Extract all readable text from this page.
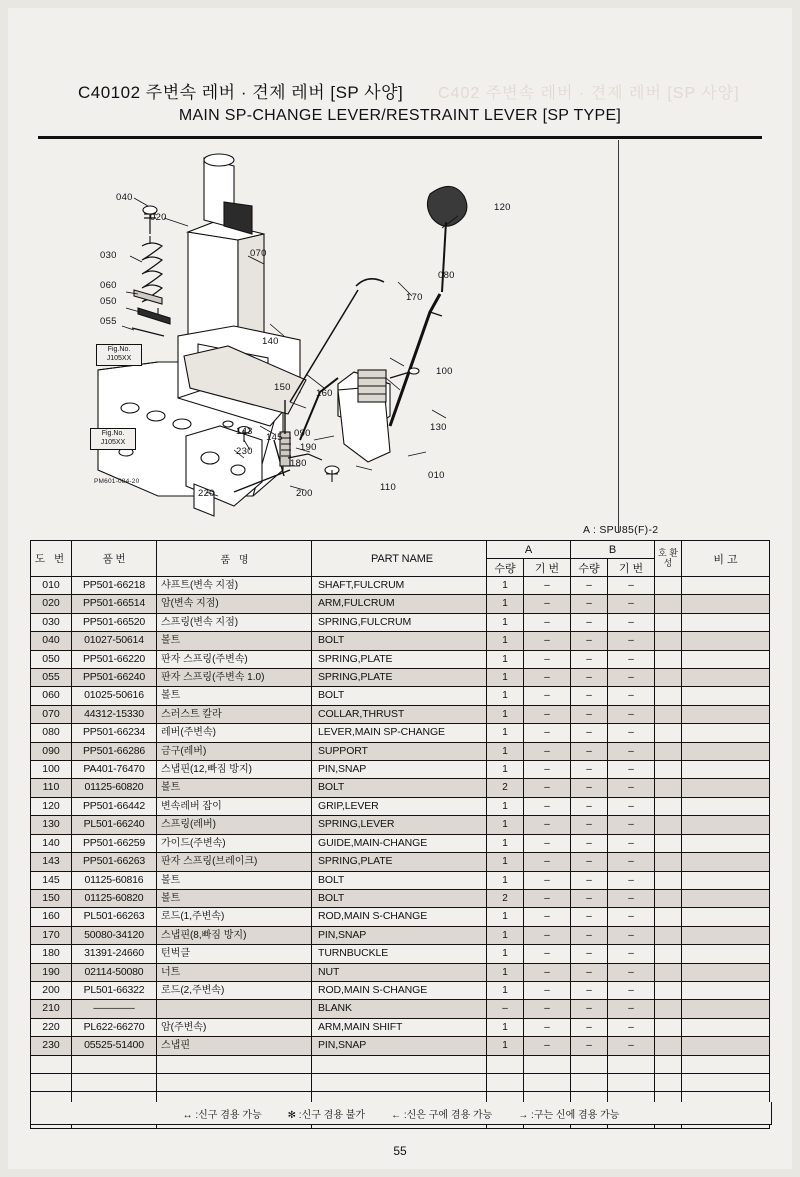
C402 주변속 레버 · 견제 레버 [SP 사양]
C40102 주변속 레버 · 견제 레버 [SP 사양]
MAIN SP-CHANGE LEVER/RESTRAINT LEVER [SP TYPE]
040
020
030
060
050
055
070
140
150
160
143
145
230
220	200
090
190
180
110
010
130
100
170
080
120
Fig.No.
J105XX
Fig.No.
J105XX
PM601-084-20
A : SPU85(F)-2
도 번	품 번	품 명	PART NAME	A		B		호 환 성	비 고
				수량	기 번	수량	기 번		
010	PP501-66218	샤프트(변속 지점)	SHAFT,FULCRUM	1	–	–	–		
020	PP501-66514	암(변속 지점)	ARM,FULCRUM	1	–	–	–		
030	PP501-66520	스프링(변속 지점)	SPRING,FULCRUM	1	–	–	–		
040	01027-50614	볼트	BOLT	1	–	–	–		
050	PP501-66220	판자 스프링(주변속)	SPRING,PLATE	1	–	–	–		
055	PP501-66240	판자 스프링(주변속 1.0)	SPRING,PLATE	1	–	–	–		
060	01025-50616	볼트	BOLT	1	–	–	–		
070	44312-15330	스러스트 칼라	COLLAR,THRUST	1	–	–	–		
080	PP501-66234	레버(주변속)	LEVER,MAIN SP-CHANGE	1	–	–	–		
090	PP501-66286	금구(레버)	SUPPORT	1	–	–	–		
100	PA401-76470	스냅핀(12,빠짐 방지)	PIN,SNAP	1	–	–	–		
110	01125-60820	볼트	BOLT	2	–	–	–		
120	PP501-66442	변속레버 잡이	GRIP,LEVER	1	–	–	–		
130	PL501-66240	스프링(레버)	SPRING,LEVER	1	–	–	–		
140	PP501-66259	가이드(주변속)	GUIDE,MAIN-CHANGE	1	–	–	–		
143	PP501-66263	판자 스프링(브레이크)	SPRING,PLATE	1	–	–	–		
145	01125-60816	볼트	BOLT	1	–	–	–		
150	01125-60820	볼트	BOLT	2	–	–	–		
160	PL501-66263	로드(1,주변속)	ROD,MAIN S-CHANGE	1	–	–	–		
170	50080-34120	스냅핀(8,빠짐 방지)	PIN,SNAP	1	–	–	–		
180	31391-24660	턴벅클	TURNBUCKLE	1	–	–	–		
190	02114-50080	너트	NUT	1	–	–	–		
200	PL501-66322	로드(2,주변속)	ROD,MAIN S-CHANGE	1	–	–	–		
210	————		BLANK	–	–	–	–		
220	PL622-66270	암(주변속)	ARM,MAIN SHIFT	1	–	–	–		
230	05525-51400	스냅핀	PIN,SNAP	1	–	–	–		

↔ :신구 겸용 가능	✻ :신구 겸용 불가	← :신은 구에 겸용 가능	→ :구는 신에 겸용 가능
55
